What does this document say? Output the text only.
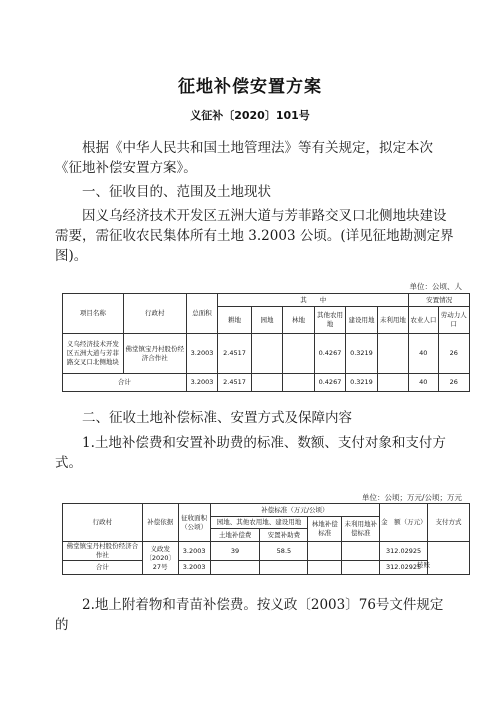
征地补偿安置方案
义征补〔2020〕101号
根据《中华人民共和国土地管理法》等有关规定，拟定本次《征地补偿安置方案》。
一、征收目的、范围及土地现状
因义乌经济技术开发区五洲大道与芳菲路交叉口北侧地块建设需要，需征收农民集体所有土地 3.2003 公顷。(详见征地勘测定界图)。
单位：公顷、人
项目名称	行政村	总面积	其　　中						安置情况	
			耕地	园地	林地	其他农用地	建设用地	未利用地	农业人口	劳动力人口
义乌经济技术开发区五洲大道与芳菲路交叉口北侧地块	佛堂镇宝丹村股份经济合作社	3.2003	2.4517			0.4267	0.3219		40	26
合计		3.2003	2.4517			0.4267	0.3219		40	26
二、征收土地补偿标准、安置方式及保障内容
1.土地补偿费和安置补助费的标准、数额、支付对象和支付方式。
单位：公顷；万元/公顷；万元
行政村	补偿依据	征收面积（公顷）	补偿标准（万元/公顷）				金　额（万元）	支付方式
			园地、其他农用地、建设用地		林地补偿标准	未利用地补偿标准		
			土地补偿费	安置补助费				
佛堂镇宝丹村股份经济合作社	义政发〔2020〕27号	3.2003	39	58.5			312.02925	
合计		3.2003					312.02925	
转账
2.地上附着物和青苗补偿费。按义政〔2003〕76号文件规定的
